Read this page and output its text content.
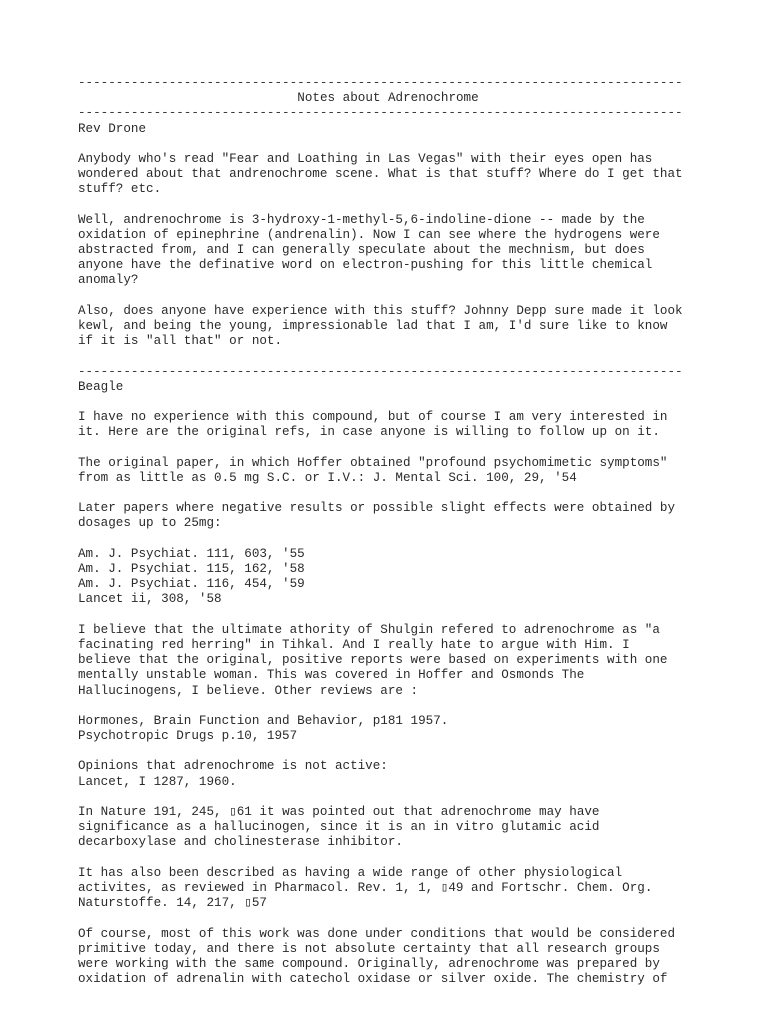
--------------------------------------------------------------------------------
Notes about Adrenochrome
--------------------------------------------------------------------------------
Rev Drone
Anybody who's read "Fear and Loathing in Las Vegas" with their eyes open has
wondered about that andrenochrome scene. What is that stuff? Where do I get that
stuff? etc.
Well, andrenochrome is 3-hydroxy-1-methyl-5,6-indoline-dione -- made by the
oxidation of epinephrine (andrenalin). Now I can see where the hydrogens were
abstracted from, and I can generally speculate about the mechnism, but does
anyone have the definative word on electron-pushing for this little chemical
anomaly?
Also, does anyone have experience with this stuff? Johnny Depp sure made it look
kewl, and being the young, impressionable lad that I am, I'd sure like to know
if it is "all that" or not.
--------------------------------------------------------------------------------
Beagle
I have no experience with this compound, but of course I am very interested in
it. Here are the original refs, in case anyone is willing to follow up on it.
The original paper, in which Hoffer obtained "profound psychomimetic symptoms"
from as little as 0.5 mg S.C. or I.V.: J. Mental Sci. 100, 29, '54
Later papers where negative results or possible slight effects were obtained by
dosages up to 25mg:
Am. J. Psychiat. 111, 603, '55
Am. J. Psychiat. 115, 162, '58
Am. J. Psychiat. 116, 454, '59
Lancet ii, 308, '58
I believe that the ultimate athority of Shulgin refered to adrenochrome as "a
facinating red herring" in Tihkal. And I really hate to argue with Him. I
believe that the original, positive reports were based on experiments with one
mentally unstable woman. This was covered in Hoffer and Osmonds The
Hallucinogens, I believe. Other reviews are :
Hormones, Brain Function and Behavior, p181 1957.
Psychotropic Drugs p.10, 1957
Opinions that adrenochrome is not active:
Lancet, I 1287, 1960.
In Nature 191, 245, ▯61 it was pointed out that adrenochrome may have
significance as a hallucinogen, since it is an in vitro glutamic acid
decarboxylase and cholinesterase inhibitor.
It has also been described as having a wide range of other physiological
activites, as reviewed in Pharmacol. Rev. 1, 1, ▯49 and Fortschr. Chem. Org.
Naturstoffe. 14, 217, ▯57
Of course, most of this work was done under conditions that would be considered
primitive today, and there is not absolute certainty that all research groups
were working with the same compound. Originally, adrenochrome was prepared by
oxidation of adrenalin with catechol oxidase or silver oxide. The chemistry of
